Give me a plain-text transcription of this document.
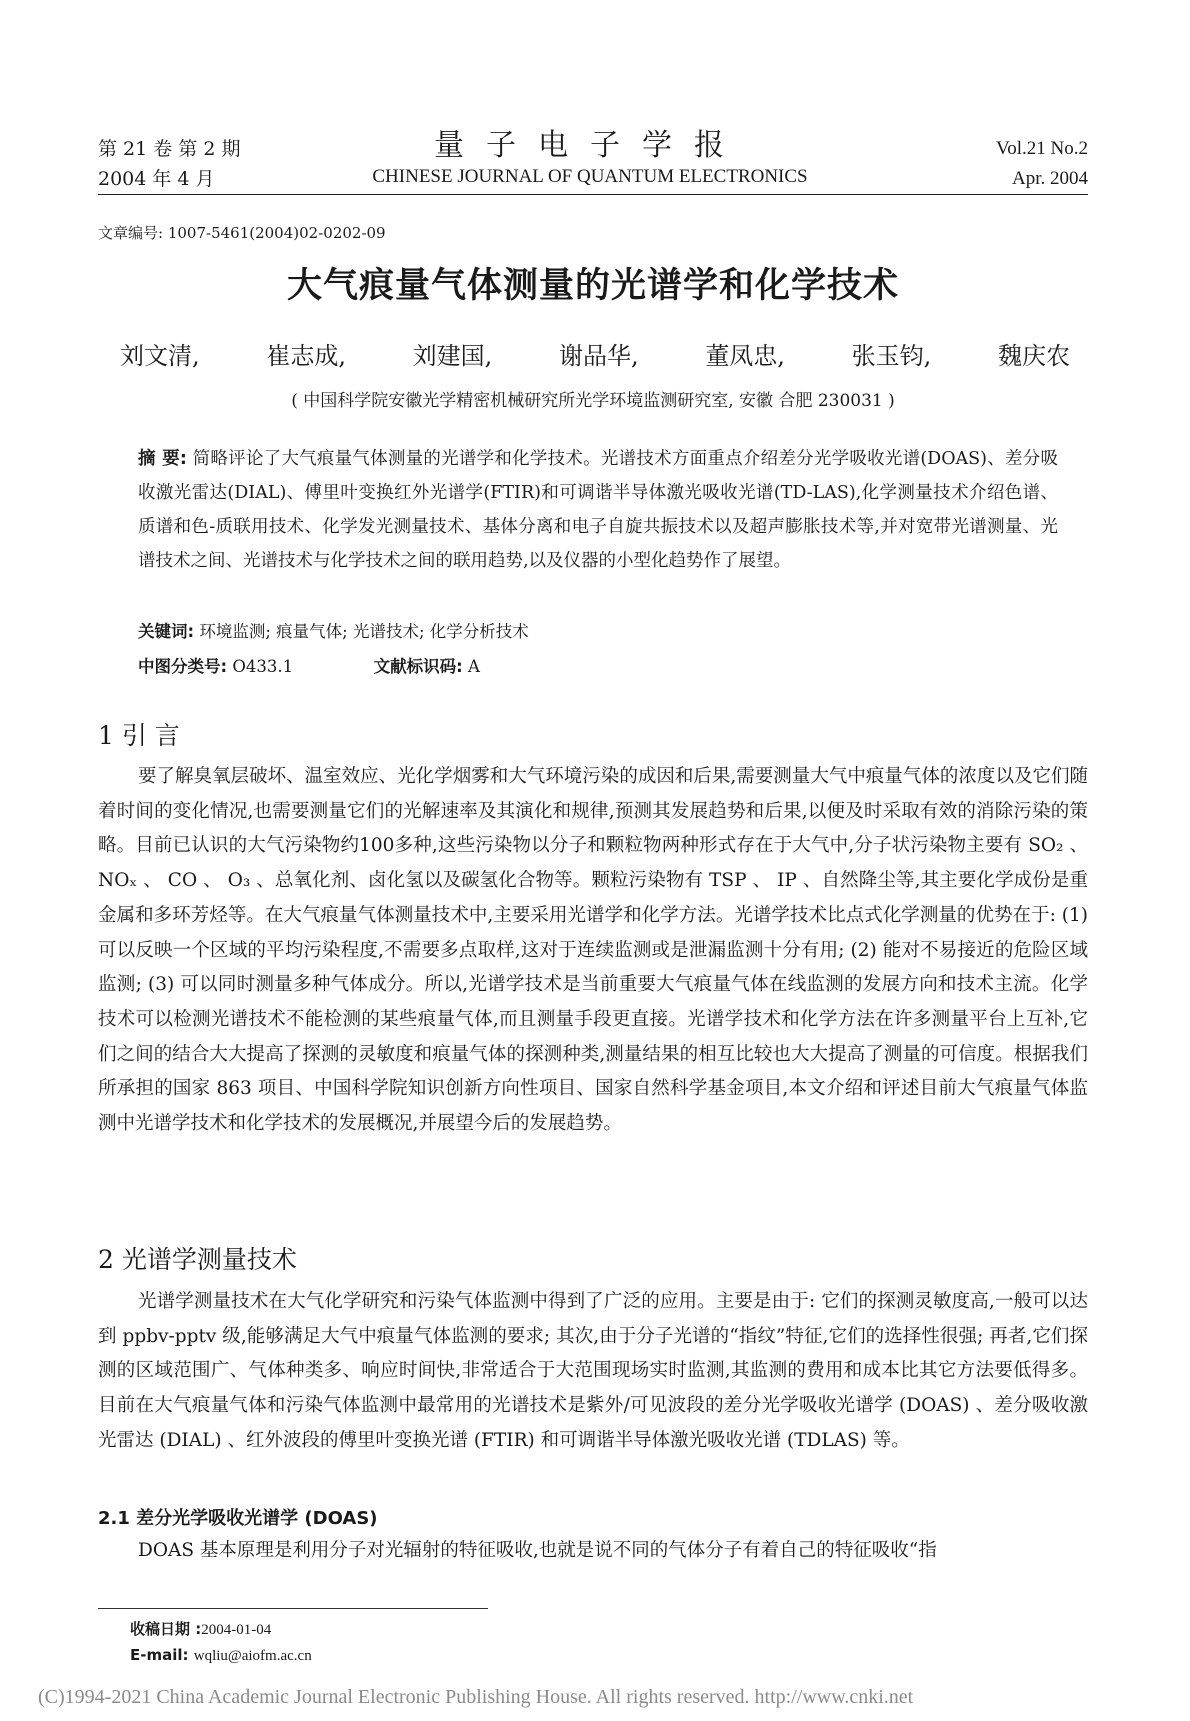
第 21 卷 第 2 期
2004 年 4 月
量子电子学报
CHINESE JOURNAL OF QUANTUM ELECTRONICS
Vol.21 No.2
Apr. 2004
文章编号: 1007-5461(2004)02-0202-09
大气痕量气体测量的光谱学和化学技术
刘文清,	崔志成,	刘建国,	谢品华,	董凤忠,	张玉钧,	魏庆农
( 中国科学院安徽光学精密机械研究所光学环境监测研究室, 安徽 合肥 230031 )
摘 要: 简略评论了大气痕量气体测量的光谱学和化学技术。光谱技术方面重点介绍差分光学吸收光谱(DOAS)、差分吸收激光雷达(DIAL)、傅里叶变换红外光谱学(FTIR)和可调谐半导体激光吸收光谱(TD-LAS),化学测量技术介绍色谱、质谱和色-质联用技术、化学发光测量技术、基体分离和电子自旋共振技术以及超声膨胀技术等,并对宽带光谱测量、光谱技术之间、光谱技术与化学技术之间的联用趋势,以及仪器的小型化趋势作了展望。
关键词: 环境监测; 痕量气体; 光谱技术; 化学分析技术
中图分类号: O433.1	文献标识码: A
1 引 言
要了解臭氧层破坏、温室效应、光化学烟雾和大气环境污染的成因和后果,需要测量大气中痕量气体的浓度以及它们随着时间的变化情况,也需要测量它们的光解速率及其演化和规律,预测其发展趋势和后果,以便及时采取有效的消除污染的策略。目前已认识的大气污染物约100多种,这些污染物以分子和颗粒物两种形式存在于大气中,分子状污染物主要有 SO₂ 、 NOₓ 、 CO 、 O₃ 、总氧化剂、卤化氢以及碳氢化合物等。颗粒污染物有 TSP 、 IP 、自然降尘等,其主要化学成份是重金属和多环芳烃等。在大气痕量气体测量技术中,主要采用光谱学和化学方法。光谱学技术比点式化学测量的优势在于: (1) 可以反映一个区域的平均污染程度,不需要多点取样,这对于连续监测或是泄漏监测十分有用; (2) 能对不易接近的危险区域监测; (3) 可以同时测量多种气体成分。所以,光谱学技术是当前重要大气痕量气体在线监测的发展方向和技术主流。化学技术可以检测光谱技术不能检测的某些痕量气体,而且测量手段更直接。光谱学技术和化学方法在许多测量平台上互补,它们之间的结合大大提高了探测的灵敏度和痕量气体的探测种类,测量结果的相互比较也大大提高了测量的可信度。根据我们所承担的国家 863 项目、中国科学院知识创新方向性项目、国家自然科学基金项目,本文介绍和评述目前大气痕量气体监测中光谱学技术和化学技术的发展概况,并展望今后的发展趋势。
2 光谱学测量技术
光谱学测量技术在大气化学研究和污染气体监测中得到了广泛的应用。主要是由于: 它们的探测灵敏度高,一般可以达到 ppbv-pptv 级,能够满足大气中痕量气体监测的要求; 其次,由于分子光谱的“指纹”特征,它们的选择性很强; 再者,它们探测的区域范围广、气体种类多、响应时间快,非常适合于大范围现场实时监测,其监测的费用和成本比其它方法要低得多。目前在大气痕量气体和污染气体监测中最常用的光谱技术是紫外/可见波段的差分光学吸收光谱学 (DOAS) 、差分吸收激光雷达 (DIAL) 、红外波段的傅里叶变换光谱 (FTIR) 和可调谐半导体激光吸收光谱 (TDLAS) 等。
2.1 差分光学吸收光谱学 (DOAS)
DOAS 基本原理是利用分子对光辐射的特征吸收,也就是说不同的气体分子有着自己的特征吸收“指
收稿日期 :2004-01-04
E-mail: wqliu@aiofm.ac.cn
(C)1994-2021 China Academic Journal Electronic Publishing House. All rights reserved. http://www.cnki.net
